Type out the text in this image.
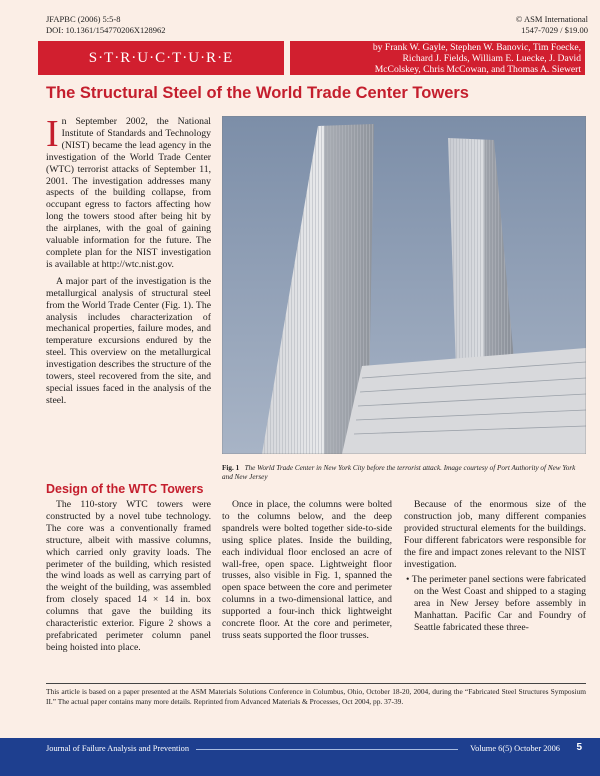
JFAPBC (2006) 5:5-8
DOI: 10.1361/154770206X128962
© ASM International
1547-7029 / $19.00
S·T·R·U·C·T·U·R·E
by Frank W. Gayle, Stephen W. Banovic, Tim Foecke,
Richard J. Fields, William E. Luecke, J. David
McColskey, Chris McCowan, and Thomas A. Siewert
The Structural Steel of the World Trade Center Towers

In September 2002, the National Institute of Standards and Technology (NIST) became the lead agency in the investigation of the World Trade Center (WTC) terrorist attacks of September 11, 2001. The investigation addresses many aspects of the building collapse, from occupant egress to factors affecting how long the towers stood after being hit by the airplanes, with the goal of gaining valuable information for the future. The complete plan for the NIST investigation is available at http://wtc.nist.gov.

A major part of the investigation is the metallurgical analysis of structural steel from the World Trade Center (Fig. 1). The analysis includes characterization of mechanical properties, failure modes, and temperature excursions endured by the steel. This overview on the metallurgical investigation describes the structure of the towers, steel recovered from the site, and special issues faced in the analysis of the steel.

Fig. 1 The World Trade Center in New York City before the terrorist attack. Image courtesy of Port Authority of New York and New Jersey
Design of the WTC Towers

The 110-story WTC towers were constructed by a novel tube technology. The core was a conventionally framed structure, albeit with massive columns, which carried only gravity loads. The perimeter of the building, which resisted the wind loads as well as carrying part of the weight of the building, was assembled from closely spaced 14 × 14 in. box columns that gave the building its characteristic exterior. Figure 2 shows a prefabricated perimeter column panel being hoisted into place.

Once in place, the columns were bolted to the columns below, and the deep spandrels were bolted together side-to-side using splice plates. Inside the building, each individual floor enclosed an acre of wall-free, open space. Lightweight floor trusses, also visible in Fig. 1, spanned the open space between the core and perimeter columns in a two-dimensional lattice, and supported a four-inch thick lightweight concrete floor. At the core and perimeter, truss seats supported the floor trusses.

Because of the enormous size of the construction job, many different companies provided structural elements for the buildings. Four different fabricators were responsible for the fire and impact zones relevant to the NIST investigation.

• The perimeter panel sections were fabricated on the West Coast and shipped to a staging area in New Jersey before assembly in Manhattan. Pacific Car and Foundry of Seattle fabricated these three-

This article is based on a paper presented at the ASM Materials Solutions Conference in Columbus, Ohio, October 18-20, 2004, during the “Fabricated Steel Structures Symposium II.” The actual paper contains many more details. Reprinted from Advanced Materials & Processes, Oct 2004, pp. 37-39.
Journal of Failure Analysis and Prevention	Volume 6(5) October 2006 5
